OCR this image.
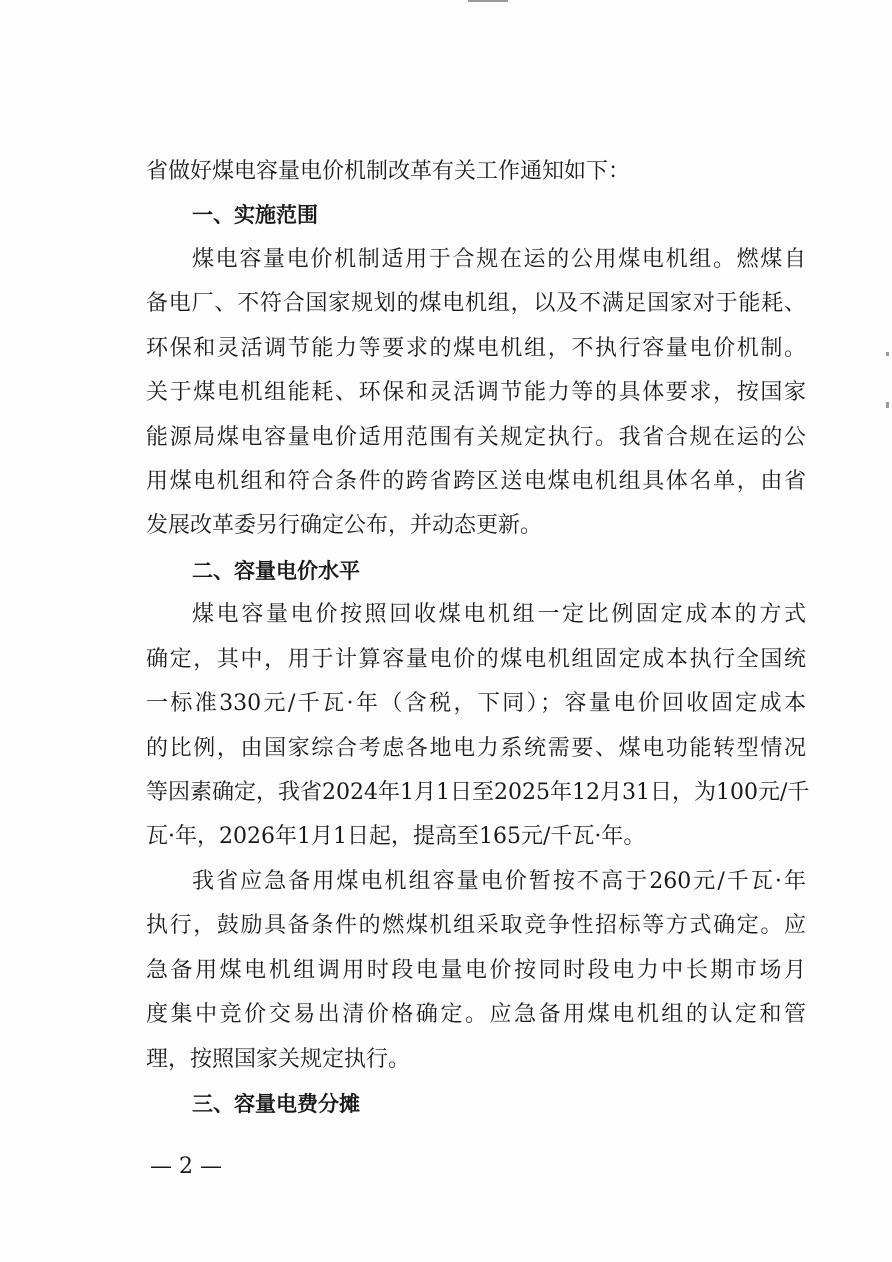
省做好煤电容量电价机制改革有关工作通知如下：
一、实施范围
煤电容量电价机制适用于合规在运的公用煤电机组。燃煤自
备电厂、不符合国家规划的煤电机组，以及不满足国家对于能耗、
环保和灵活调节能力等要求的煤电机组，不执行容量电价机制。
关于煤电机组能耗、环保和灵活调节能力等的具体要求，按国家
能源局煤电容量电价适用范围有关规定执行。我省合规在运的公
用煤电机组和符合条件的跨省跨区送电煤电机组具体名单，由省
发展改革委另行确定公布，并动态更新。
二、容量电价水平
煤电容量电价按照回收煤电机组一定比例固定成本的方式
确定，其中，用于计算容量电价的煤电机组固定成本执行全国统
一标准330元/千瓦·年（含税，下同）；容量电价回收固定成本
的比例，由国家综合考虑各地电力系统需要、煤电功能转型情况
等因素确定，我省2024年1月1日至2025年12月31日，为100元/千
瓦·年，2026年1月1日起，提高至165元/千瓦·年。
我省应急备用煤电机组容量电价暂按不高于260元/千瓦·年
执行，鼓励具备条件的燃煤机组采取竞争性招标等方式确定。应
急备用煤电机组调用时段电量电价按同时段电力中长期市场月
度集中竞价交易出清价格确定。应急备用煤电机组的认定和管
理，按照国家关规定执行。
三、容量电费分摊
— 2 —
